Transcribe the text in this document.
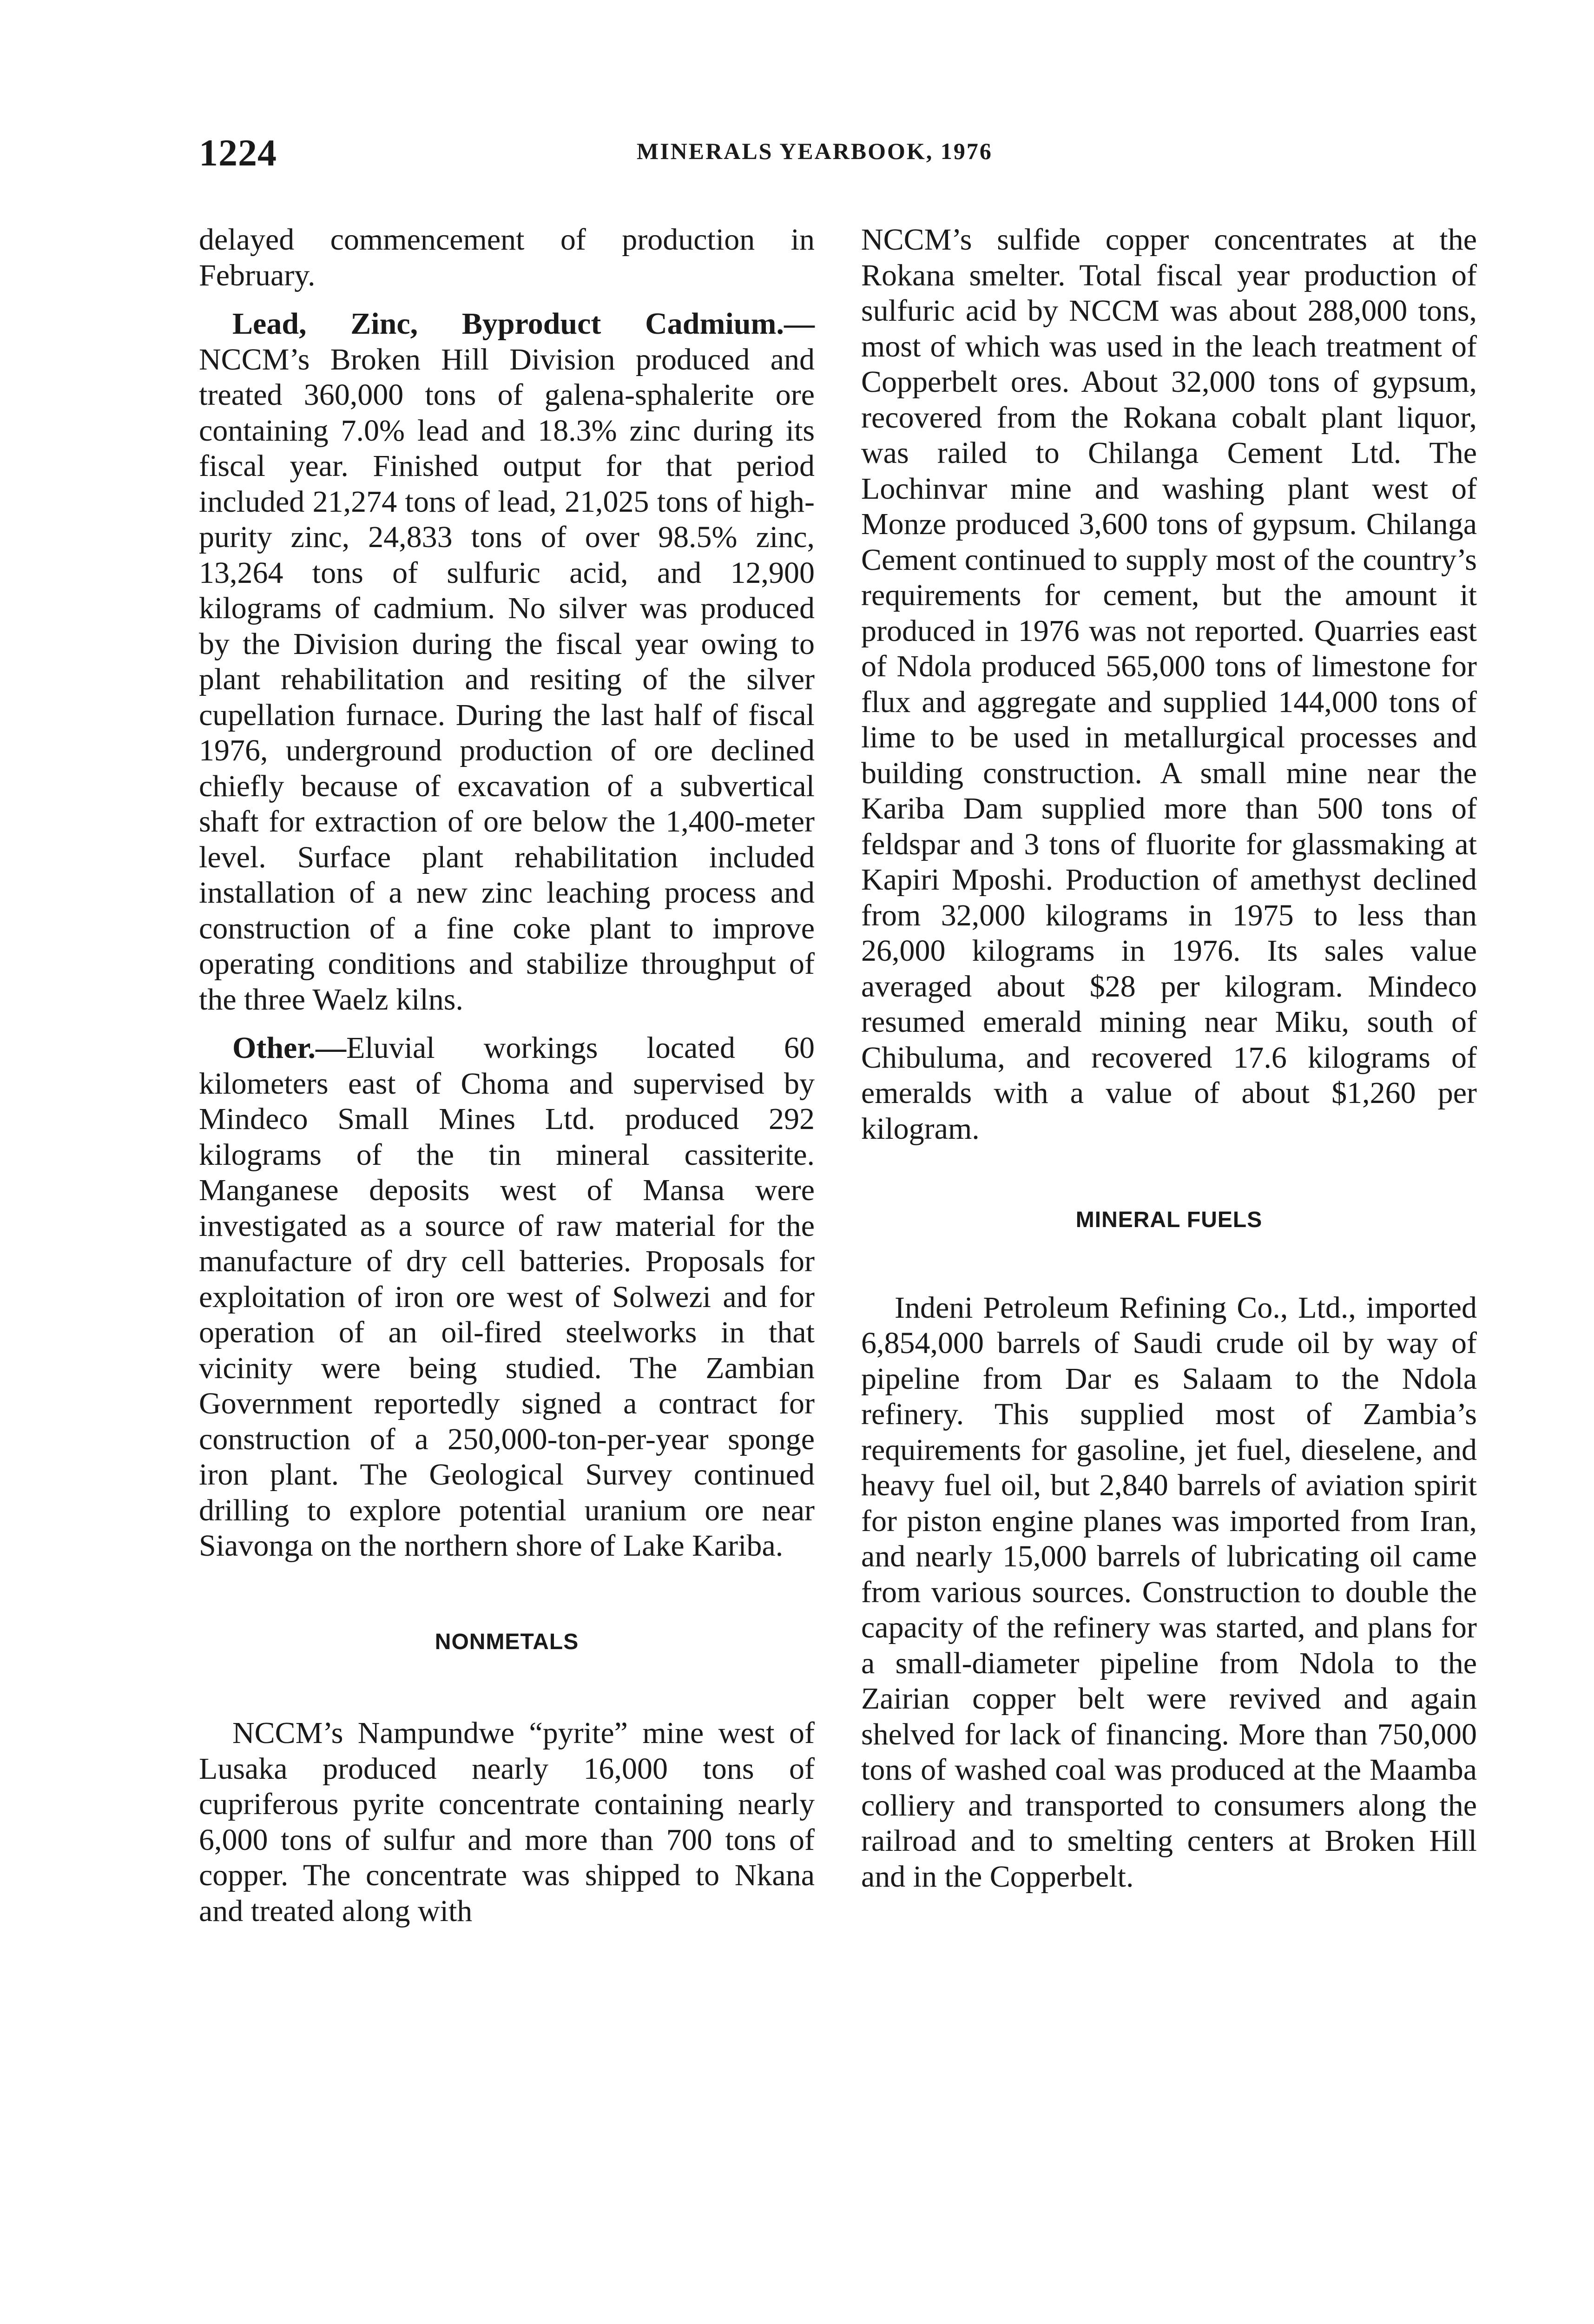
1224	MINERALS YEARBOOK, 1976

delayed commencement of production in February.

Lead, Zinc, Byproduct Cadmium.—NCCM’s Broken Hill Division produced and treated 360,000 tons of galena-sphalerite ore containing 7.0% lead and 18.3% zinc during its fiscal year. Finished output for that period included 21,274 tons of lead, 21,025 tons of high-purity zinc, 24,833 tons of over 98.5% zinc, 13,264 tons of sulfuric acid, and 12,900 kilograms of cadmium. No silver was produced by the Division during the fiscal year owing to plant rehabilitation and resiting of the silver cupellation furnace. During the last half of fiscal 1976, underground production of ore declined chiefly because of excavation of a subvertical shaft for extraction of ore below the 1,400-meter level. Surface plant rehabilitation included installation of a new zinc leaching process and construction of a fine coke plant to improve operating conditions and stabilize throughput of the three Waelz kilns.

Other.—Eluvial workings located 60 kilometers east of Choma and supervised by Mindeco Small Mines Ltd. produced 292 kilograms of the tin mineral cassiterite. Manganese deposits west of Mansa were investigated as a source of raw material for the manufacture of dry cell batteries. Proposals for exploitation of iron ore west of Solwezi and for operation of an oil-fired steelworks in that vicinity were being studied. The Zambian Government reportedly signed a contract for construction of a 250,000-ton-per-year sponge iron plant. The Geological Survey continued drilling to explore potential uranium ore near Siavonga on the northern shore of Lake Kariba.

NONMETALS

NCCM’s Nampundwe “pyrite” mine west of Lusaka produced nearly 16,000 tons of cupriferous pyrite concentrate containing nearly 6,000 tons of sulfur and more than 700 tons of copper. The concentrate was shipped to Nkana and treated along with

NCCM’s sulfide copper concentrates at the Rokana smelter. Total fiscal year production of sulfuric acid by NCCM was about 288,000 tons, most of which was used in the leach treatment of Copperbelt ores. About 32,000 tons of gypsum, recovered from the Rokana cobalt plant liquor, was railed to Chilanga Cement Ltd. The Lochinvar mine and washing plant west of Monze produced 3,600 tons of gypsum. Chilanga Cement continued to supply most of the country’s requirements for cement, but the amount it produced in 1976 was not reported. Quarries east of Ndola produced 565,000 tons of limestone for flux and aggregate and supplied 144,000 tons of lime to be used in metallurgical processes and building construction. A small mine near the Kariba Dam supplied more than 500 tons of feldspar and 3 tons of fluorite for glassmaking at Kapiri Mposhi. Production of amethyst declined from 32,000 kilograms in 1975 to less than 26,000 kilograms in 1976. Its sales value averaged about $28 per kilogram. Mindeco resumed emerald mining near Miku, south of Chibuluma, and recovered 17.6 kilograms of emeralds with a value of about $1,260 per kilogram.

MINERAL FUELS

Indeni Petroleum Refining Co., Ltd., imported 6,854,000 barrels of Saudi crude oil by way of pipeline from Dar es Salaam to the Ndola refinery. This supplied most of Zambia’s requirements for gasoline, jet fuel, dieselene, and heavy fuel oil, but 2,840 barrels of aviation spirit for piston engine planes was imported from Iran, and nearly 15,000 barrels of lubricating oil came from various sources. Construction to double the capacity of the refinery was started, and plans for a small-diameter pipeline from Ndola to the Zairian copper belt were revived and again shelved for lack of financing. More than 750,000 tons of washed coal was produced at the Maamba colliery and transported to consumers along the railroad and to smelting centers at Broken Hill and in the Copperbelt.
